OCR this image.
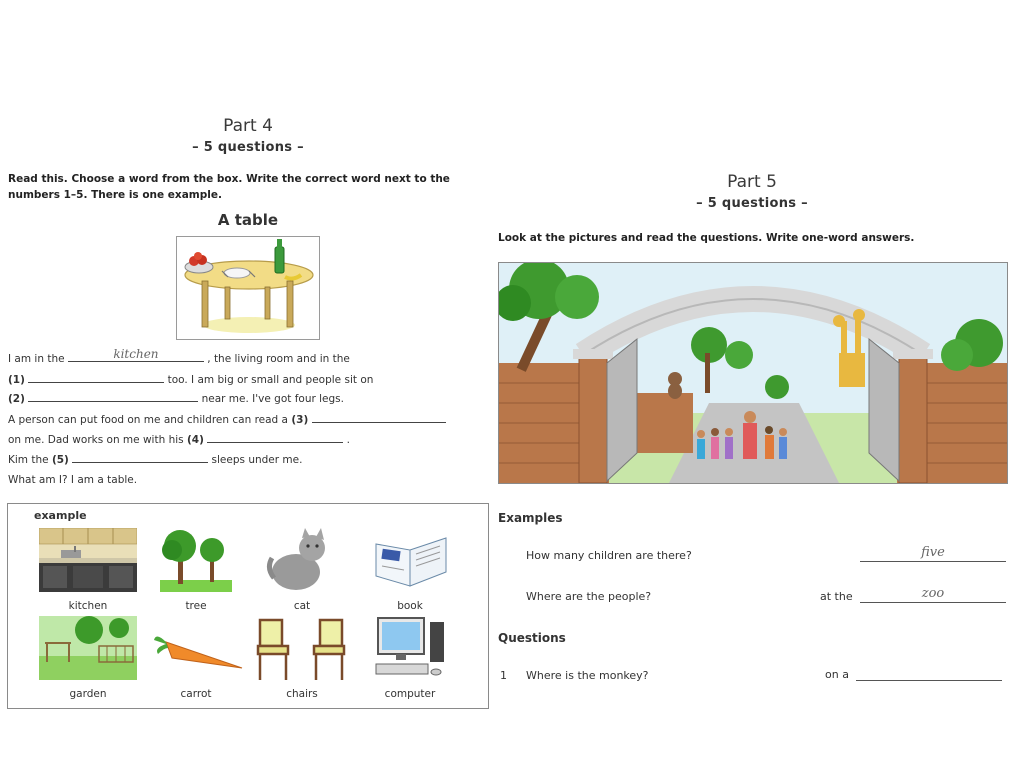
Part 4
– 5 questions –
Read this. Choose a word from the box. Write the correct word next to the numbers 1–5. There is one example.
A table
I am in the	kitchen	, the living room and in the
(1)	too. I am big or small and people sit on
(2)	near me. I've got four legs.
A person can put food on me and children can read a (3)
on me. Dad works on me with his (4)	.
Kim the (5)	sleeps under me.
What am I? I am a table.
example
kitchen	tree	cat	book
garden	carrot	chairs	computer
Part 5
– 5 questions –
Look at the pictures and read the questions. Write one-word answers.
Examples
How many children are there?	five
Where are the people?	at the	zoo
Questions
1 Where is the monkey?	on a
